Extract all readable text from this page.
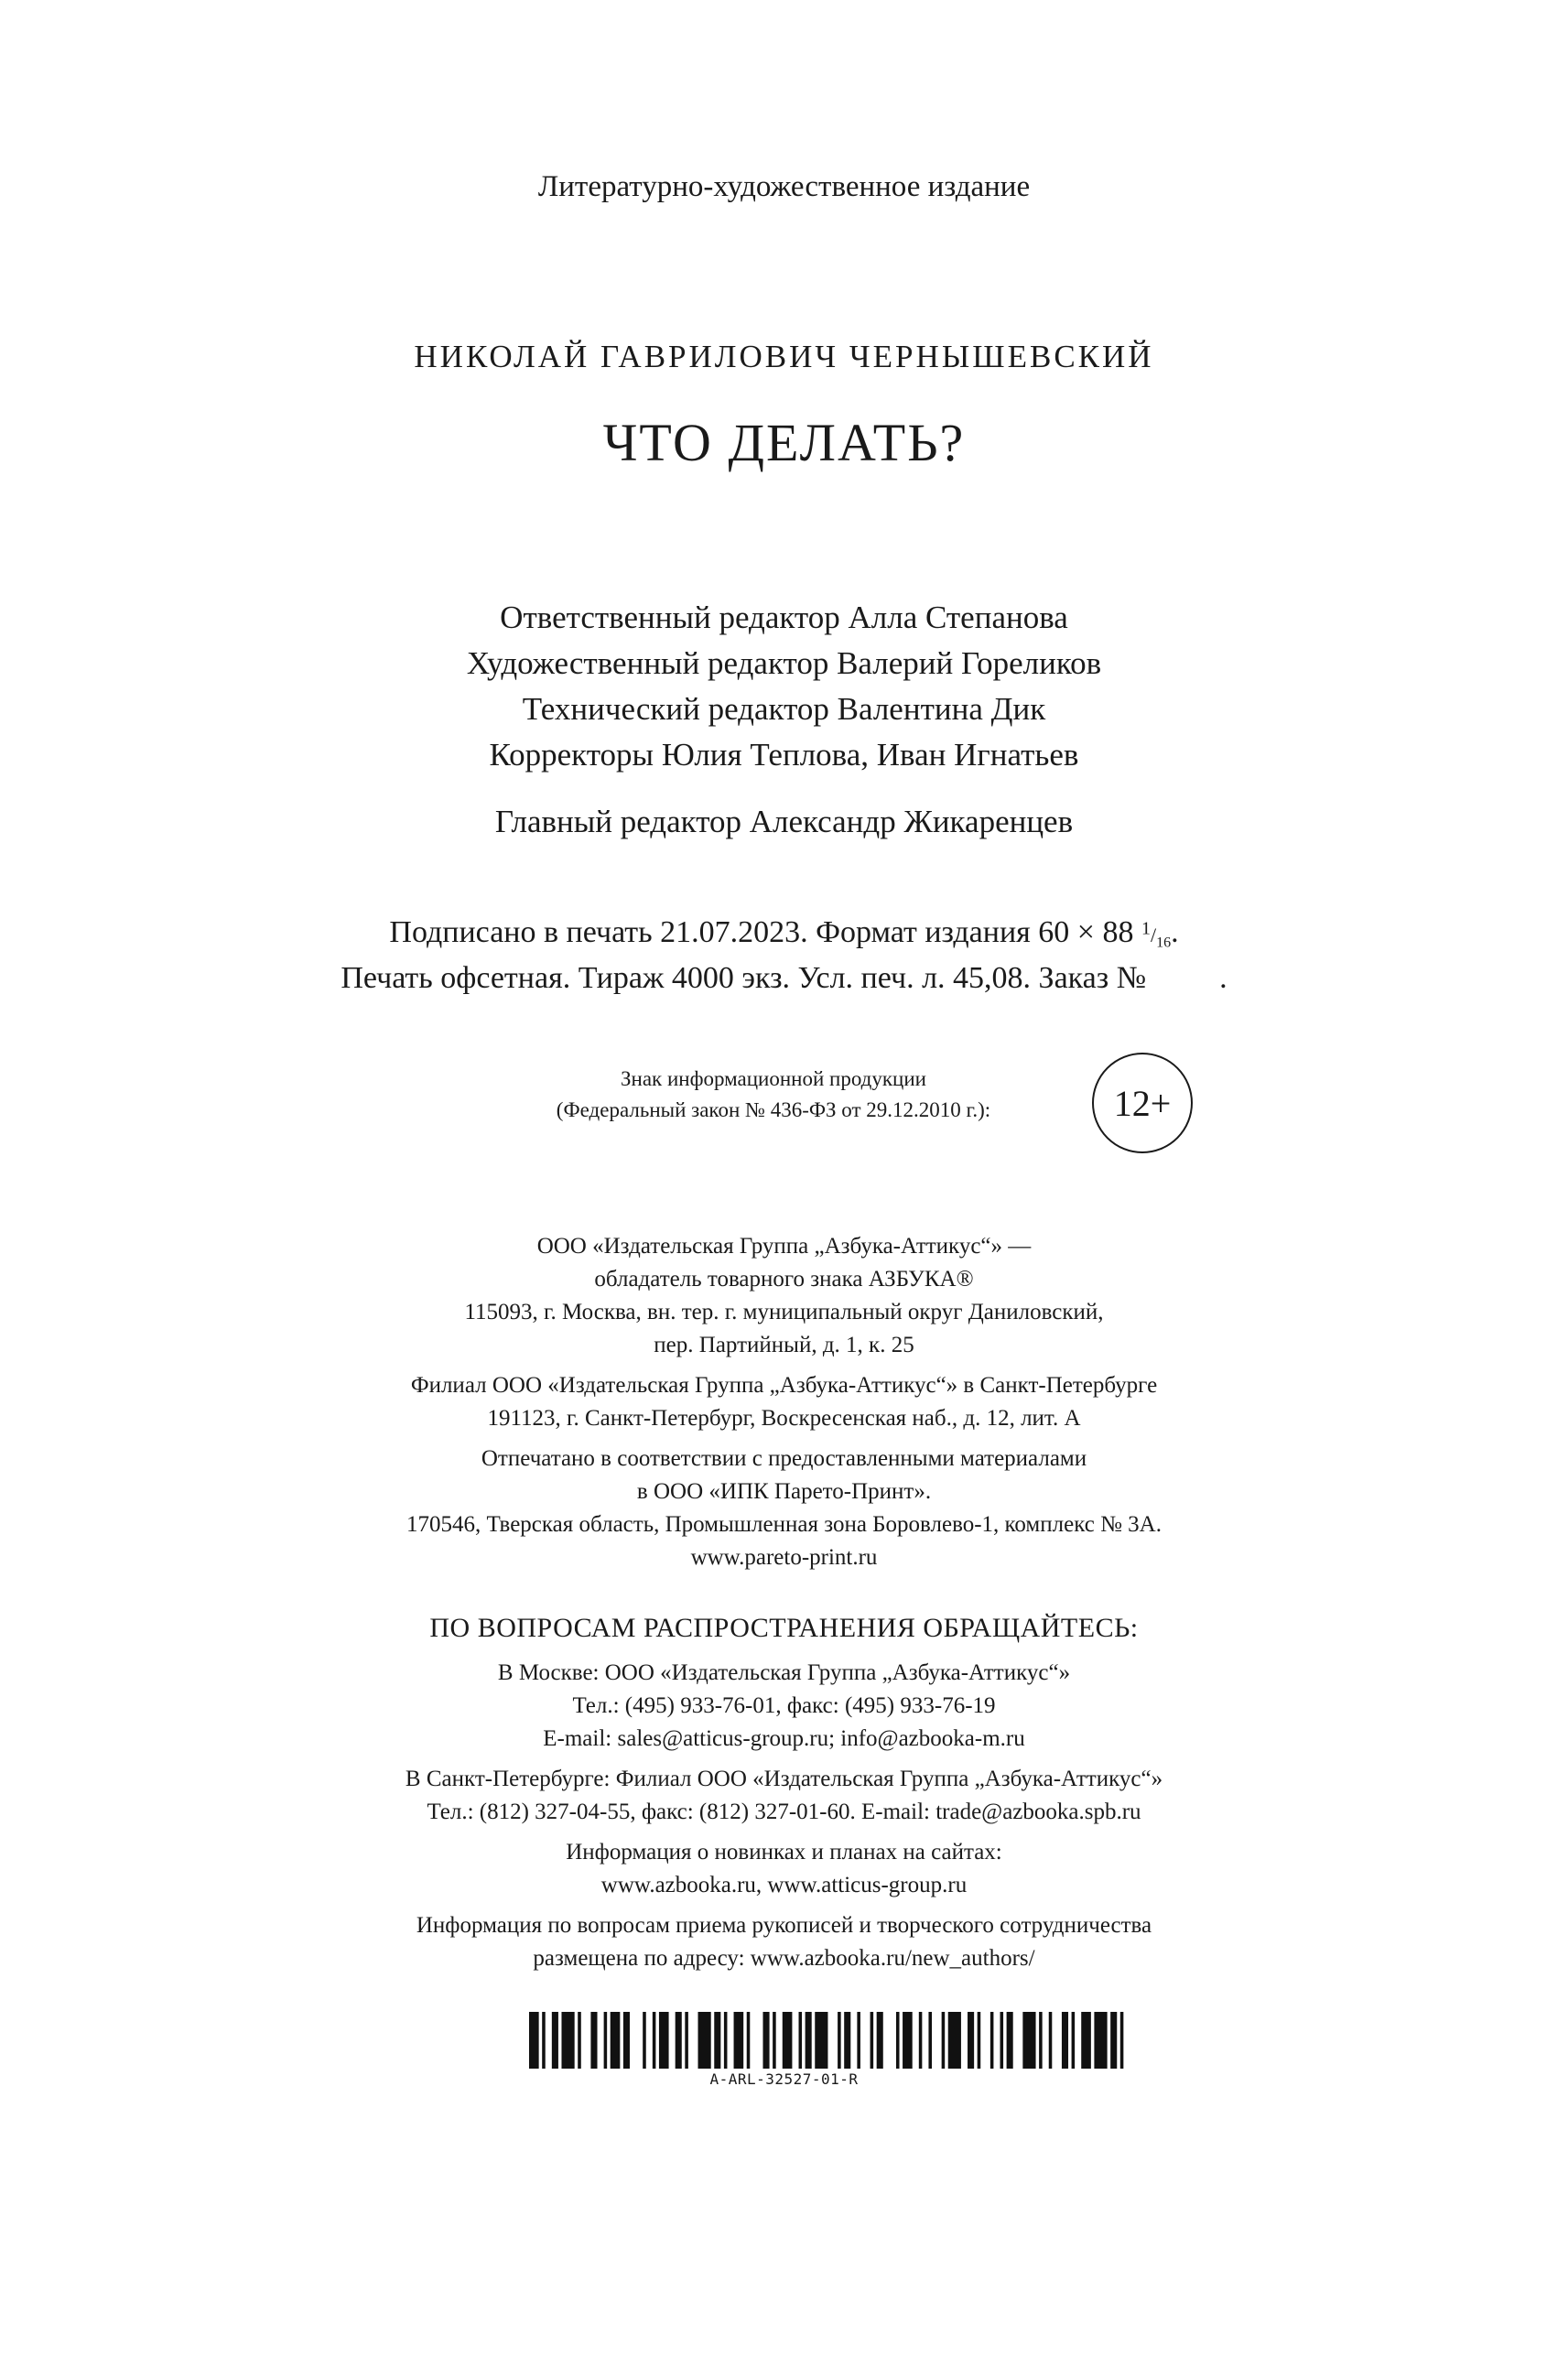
Литературно-художественное издание
НИКОЛАЙ ГАВРИЛОВИЧ ЧЕРНЫШЕВСКИЙ
ЧТО ДЕЛАТЬ?
Ответственный редактор Алла Степанова
Художественный редактор Валерий Гореликов
Технический редактор Валентина Дик
Корректоры Юлия Теплова, Иван Игнатьев
Главный редактор Александр Жикаренцев
Подписано в печать 21.07.2023. Формат издания 60 × 88 $^1/_{16}$.
Печать офсетная. Тираж 4000 экз. Усл. печ. л. 45,08. Заказ № .
Знак информационной продукции
(Федеральный закон № 436-ФЗ от 29.12.2010 г.):	12+
ООО «Издательская Группа „Азбука-Аттикус“» —
обладатель товарного знака АЗБУКА®
115093, г. Москва, вн. тер. г. муниципальный округ Даниловский,
пер. Партийный, д. 1, к. 25
Филиал ООО «Издательская Группа „Азбука-Аттикус“» в Санкт-Петербурге
191123, г. Санкт-Петербург, Воскресенская наб., д. 12, лит. А
Отпечатано в соответствии с предоставленными материалами
в ООО «ИПК Парето-Принт».
170546, Тверская область, Промышленная зона Боровлево-1, комплекс № 3А.
www.pareto-print.ru
ПО ВОПРОСАМ РАСПРОСТРАНЕНИЯ ОБРАЩАЙТЕСЬ:
В Москве: ООО «Издательская Группа „Азбука-Аттикус“»
Тел.: (495) 933-76-01, факс: (495) 933-76-19
E-mail: sales@atticus-group.ru; info@azbooka-m.ru
В Санкт-Петербурге: Филиал ООО «Издательская Группа „Азбука-Аттикус“»
Тел.: (812) 327-04-55, факс: (812) 327-01-60. E-mail: trade@azbooka.spb.ru
Информация о новинках и планах на сайтах:
www.azbooka.ru, www.atticus-group.ru
Информация по вопросам приема рукописей и творческого сотрудничества
размещена по адресу: www.azbooka.ru/new_authors/
A-ARL-32527-01-R
